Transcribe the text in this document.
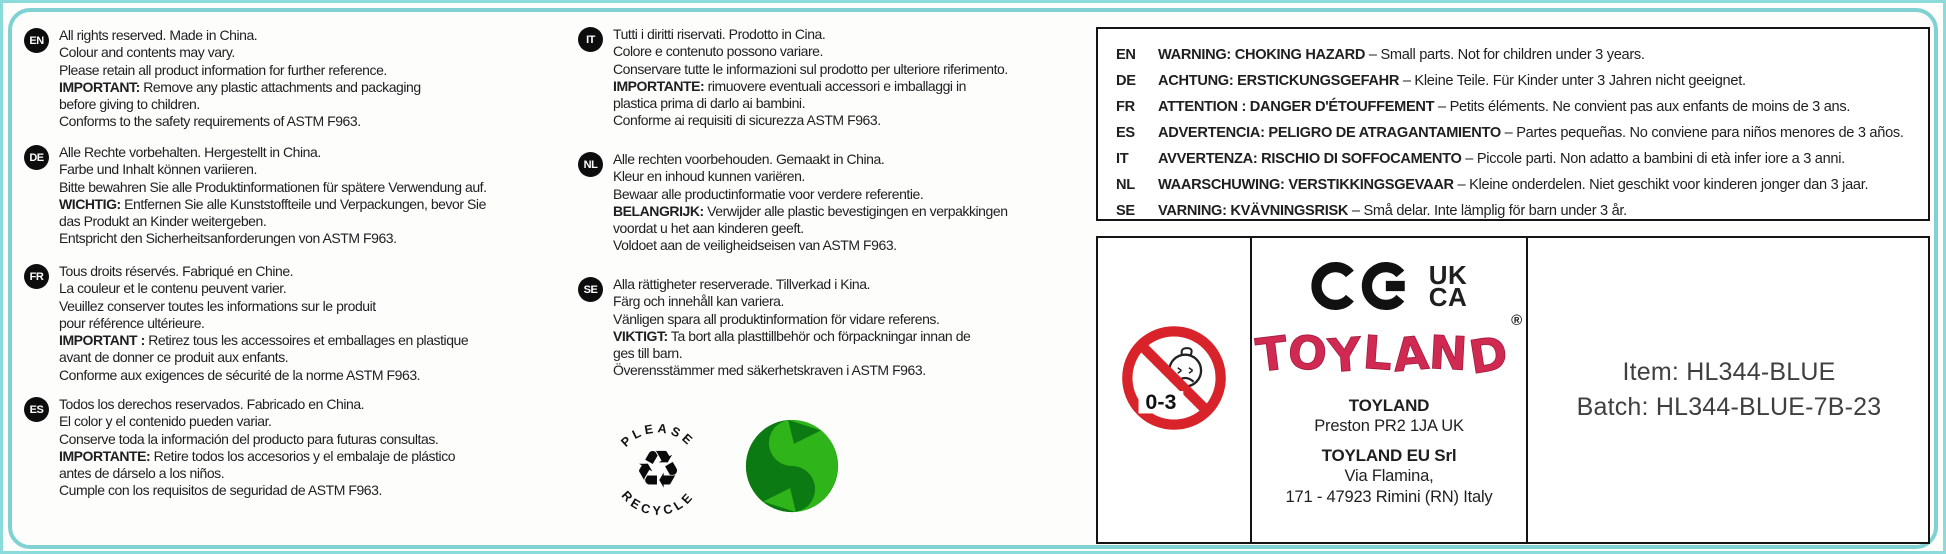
EN	All rights reserved. Made in China.
Colour and contents may vary.
Please retain all product information for further reference.
IMPORTANT: Remove any plastic attachments and packaging
before giving to children.
Conforms to the safety requirements of ASTM F963.
DE	Alle Rechte vorbehalten. Hergestellt in China.
Farbe und Inhalt können variieren.
Bitte bewahren Sie alle Produktinformationen für spätere Verwendung auf.
WICHTIG: Entfernen Sie alle Kunststoffteile und Verpackungen, bevor Sie
das Produkt an Kinder weitergeben.
Entspricht den Sicherheitsanforderungen von ASTM F963.
FR	Tous droits réservés. Fabriqué en Chine.
La couleur et le contenu peuvent varier.
Veuillez conserver toutes les informations sur le produit
pour référence ultérieure.
IMPORTANT : Retirez tous les accessoires et emballages en plastique
avant de donner ce produit aux enfants.
Conforme aux exigences de sécurité de la norme ASTM F963.
ES	Todos los derechos reservados. Fabricado en China.
El color y el contenido pueden variar.
Conserve toda la información del producto para futuras consultas.
IMPORTANTE: Retire todos los accesorios y el embalaje de plástico
antes de dárselo a los niños.
Cumple con los requisitos de seguridad de ASTM F963.
IT	Tutti i diritti riservati. Prodotto in Cina.
Colore e contenuto possono variare.
Conservare tutte le informazioni sul prodotto per ulteriore riferimento.
IMPORTANTE: rimuovere eventuali accessori e imballaggi in
plastica prima di darlo ai bambini.
Conforme ai requisiti di sicurezza ASTM F963.
NL	Alle rechten voorbehouden. Gemaakt in China.
Kleur en inhoud kunnen variëren.
Bewaar alle productinformatie voor verdere referentie.
BELANGRIJK: Verwijder alle plastic bevestigingen en verpakkingen
voordat u het aan kinderen geeft.
Voldoet aan de veiligheidseisen van ASTM F963.
SE	Alla rättigheter reserverade. Tillverkad i Kina.
Färg och innehåll kan variera.
Vänligen spara all produktinformation för vidare referens.
VIKTIGT: Ta bort alla plasttillbehör och förpackningar innan de
ges till barn.
Överensstämmer med säkerhetskraven i ASTM F963.
PLEASE
RECYCLE
♻
EN	WARNING: CHOKING HAZARD – Small parts. Not for children under 3 years.
DE	ACHTUNG: ERSTICKUNGSGEFAHR – Kleine Teile. Für Kinder unter 3 Jahren nicht geeignet.
FR	ATTENTION : DANGER D'ÉTOUFFEMENT – Petits éléments. Ne convient pas aux enfants de moins de 3 ans.
ES	ADVERTENCIA: PELIGRO DE ATRAGANTAMIENTO – Partes pequeñas. No conviene para niños menores de 3 años.
IT	AVVERTENZA: RISCHIO DI SOFFOCAMENTO – Piccole parti. Non adatto a bambini di età infer iore a 3 anni.
NL	WAARSCHUWING: VERSTIKKINGSGEVAAR – Kleine onderdelen. Niet geschikt voor kinderen jonger dan 3 jaar.
SE	VARNING: KVÄVNINGSRISK – Små delar. Inte lämplig för barn under 3 år.
0-3
UK
CA
TOYLAND®
TOYLAND
Preston PR2 1JA UK
TOYLAND EU Srl
Via Flamina,
171 - 47923 Rimini (RN) Italy
Item: HL344-BLUE
Batch: HL344-BLUE-7B-23
